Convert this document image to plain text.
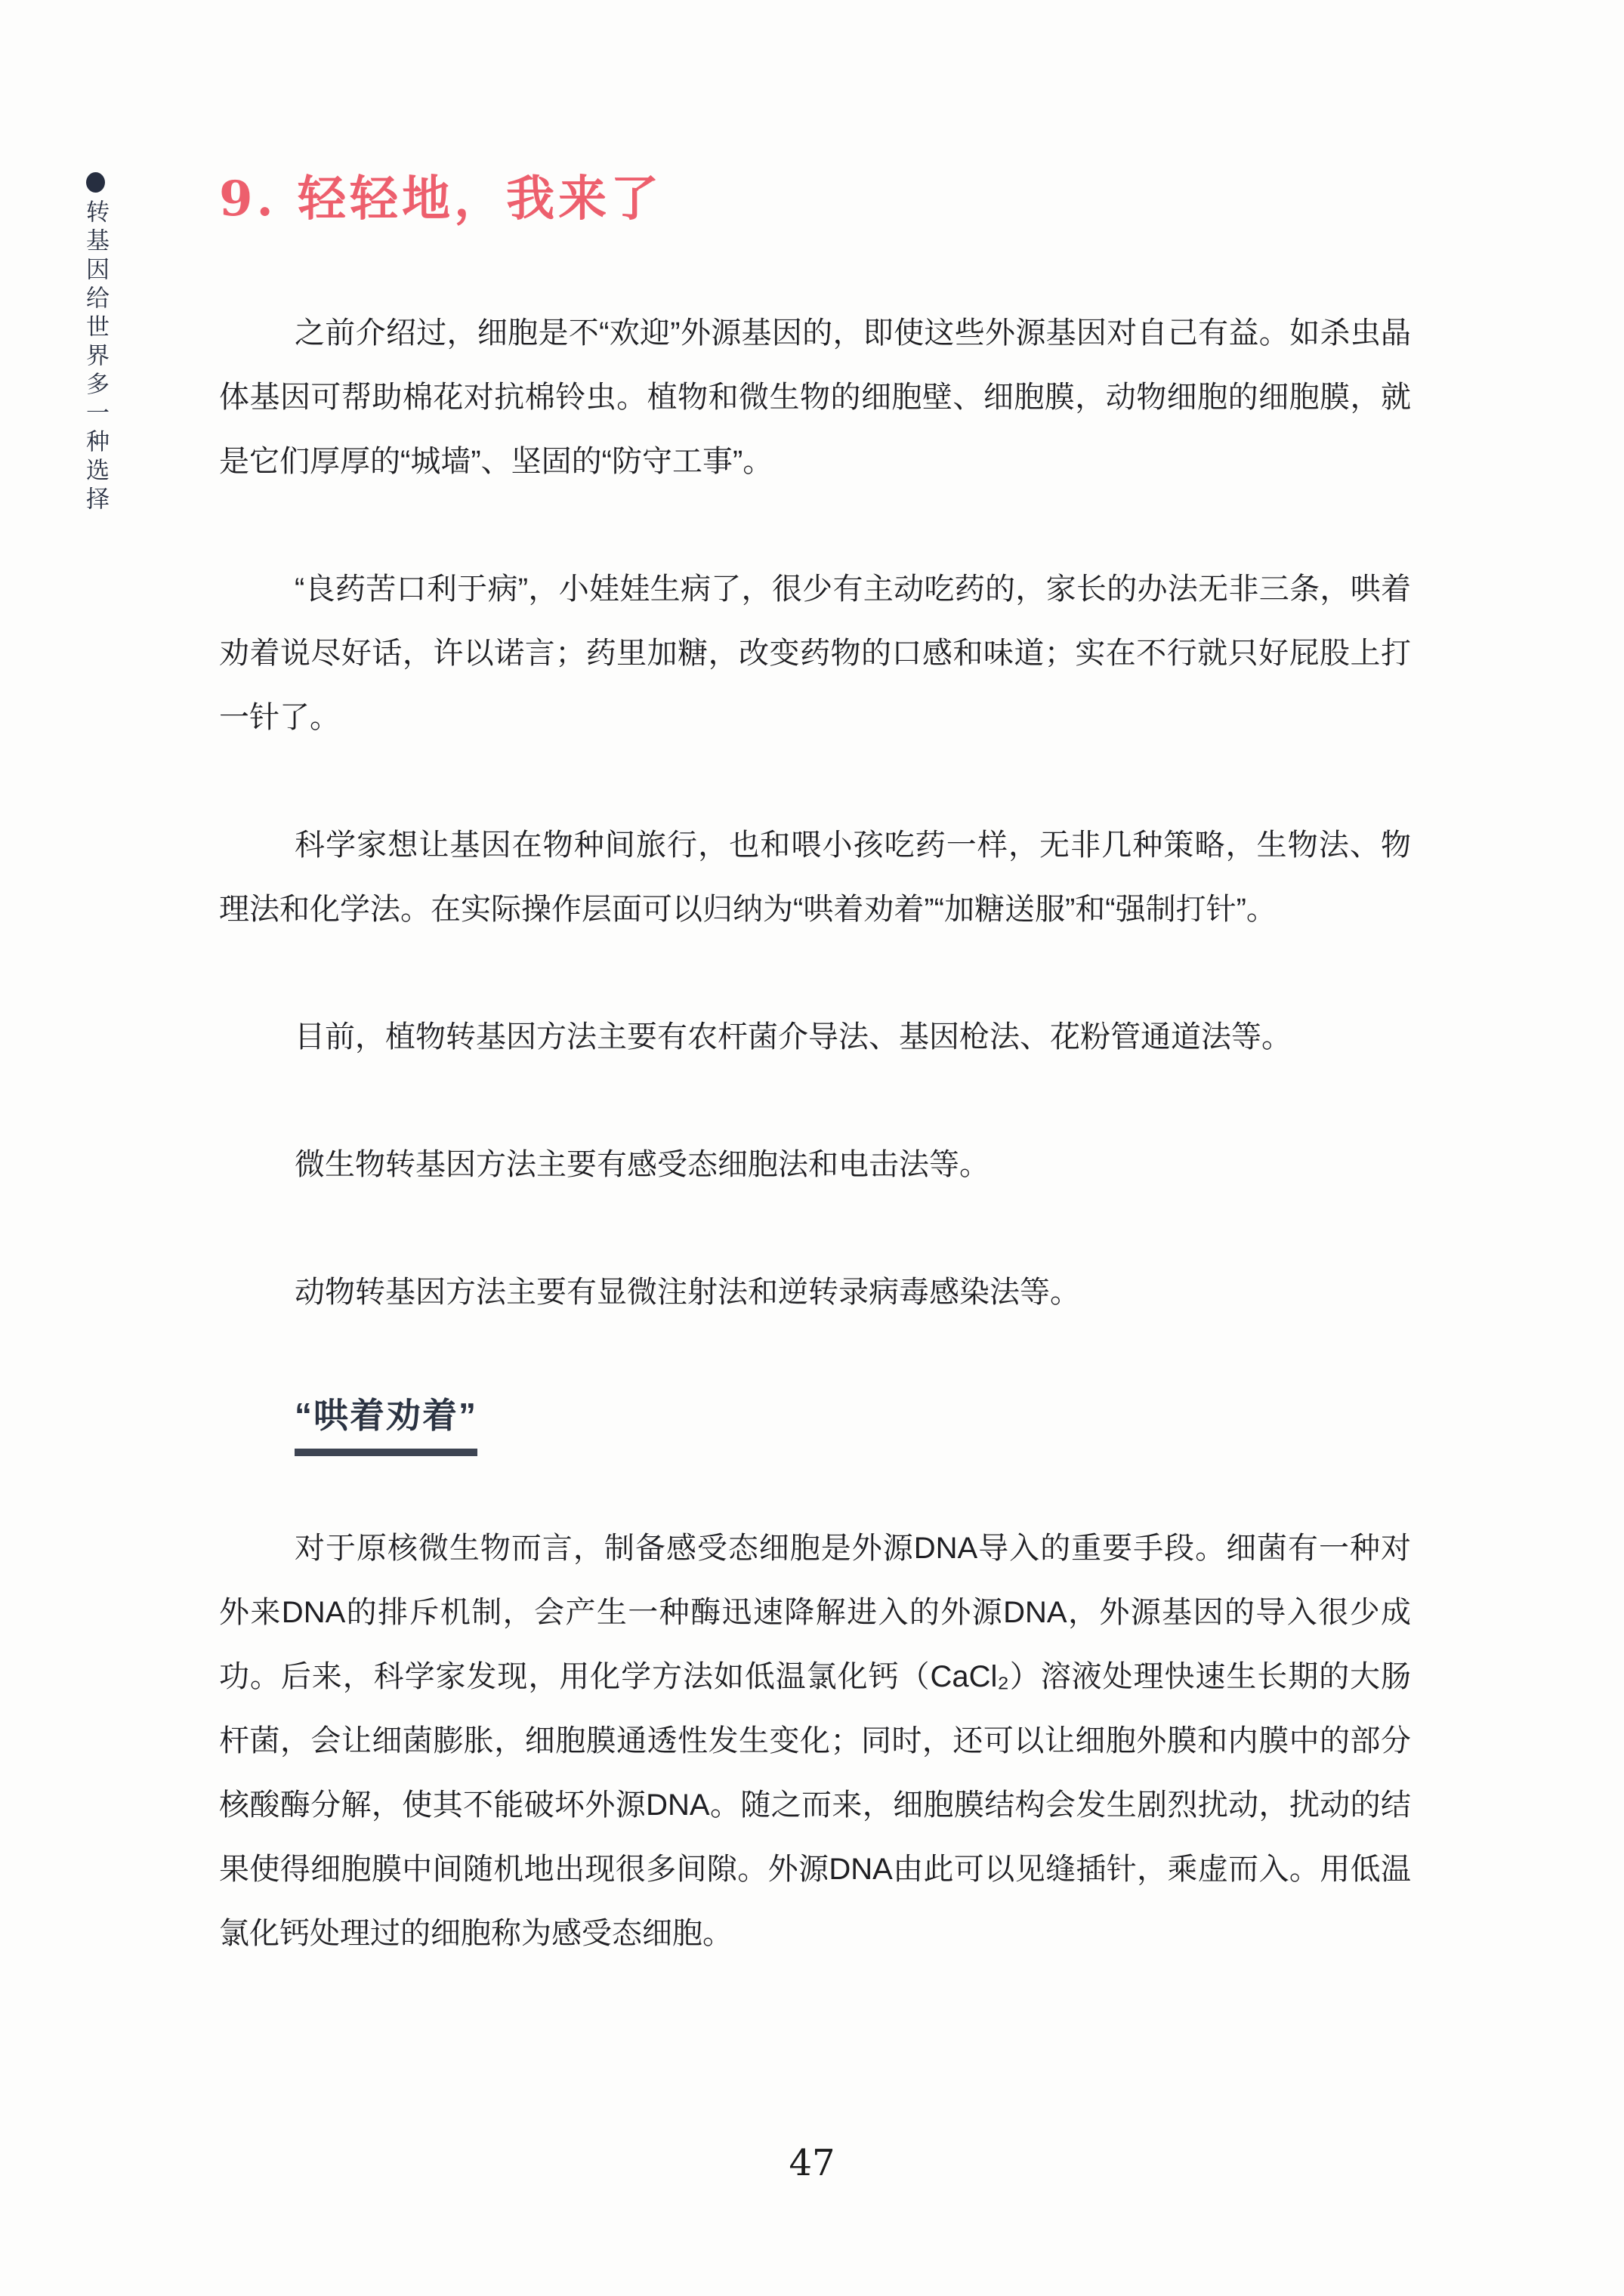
转基因给世界多一种选择
9. 轻轻地，我来了

之前介绍过，细胞是不“欢迎”外源基因的，即使这些外源基因对自己有益。如杀虫晶体基因可帮助棉花对抗棉铃虫。植物和微生物的细胞壁、细胞膜，动物细胞的细胞膜，就是它们厚厚的“城墙”、坚固的“防守工事”。

“良药苦口利于病”，小娃娃生病了，很少有主动吃药的，家长的办法无非三条，哄着劝着说尽好话，许以诺言；药里加糖，改变药物的口感和味道；实在不行就只好屁股上打一针了。

科学家想让基因在物种间旅行，也和喂小孩吃药一样，无非几种策略，生物法、物理法和化学法。在实际操作层面可以归纳为“哄着劝着”“加糖送服”和“强制打针”。

目前，植物转基因方法主要有农杆菌介导法、基因枪法、花粉管通道法等。

微生物转基因方法主要有感受态细胞法和电击法等。

动物转基因方法主要有显微注射法和逆转录病毒感染法等。

“哄着劝着”

对于原核微生物而言，制备感受态细胞是外源DNA导入的重要手段。细菌有一种对外来DNA的排斥机制，会产生一种酶迅速降解进入的外源DNA，外源基因的导入很少成功。后来，科学家发现，用化学方法如低温氯化钙（CaCl₂）溶液处理快速生长期的大肠杆菌，会让细菌膨胀，细胞膜通透性发生变化；同时，还可以让细胞外膜和内膜中的部分核酸酶分解，使其不能破坏外源DNA。随之而来，细胞膜结构会发生剧烈扰动，扰动的结果使得细胞膜中间随机地出现很多间隙。外源DNA由此可以见缝插针，乘虚而入。用低温氯化钙处理过的细胞称为感受态细胞。

47
